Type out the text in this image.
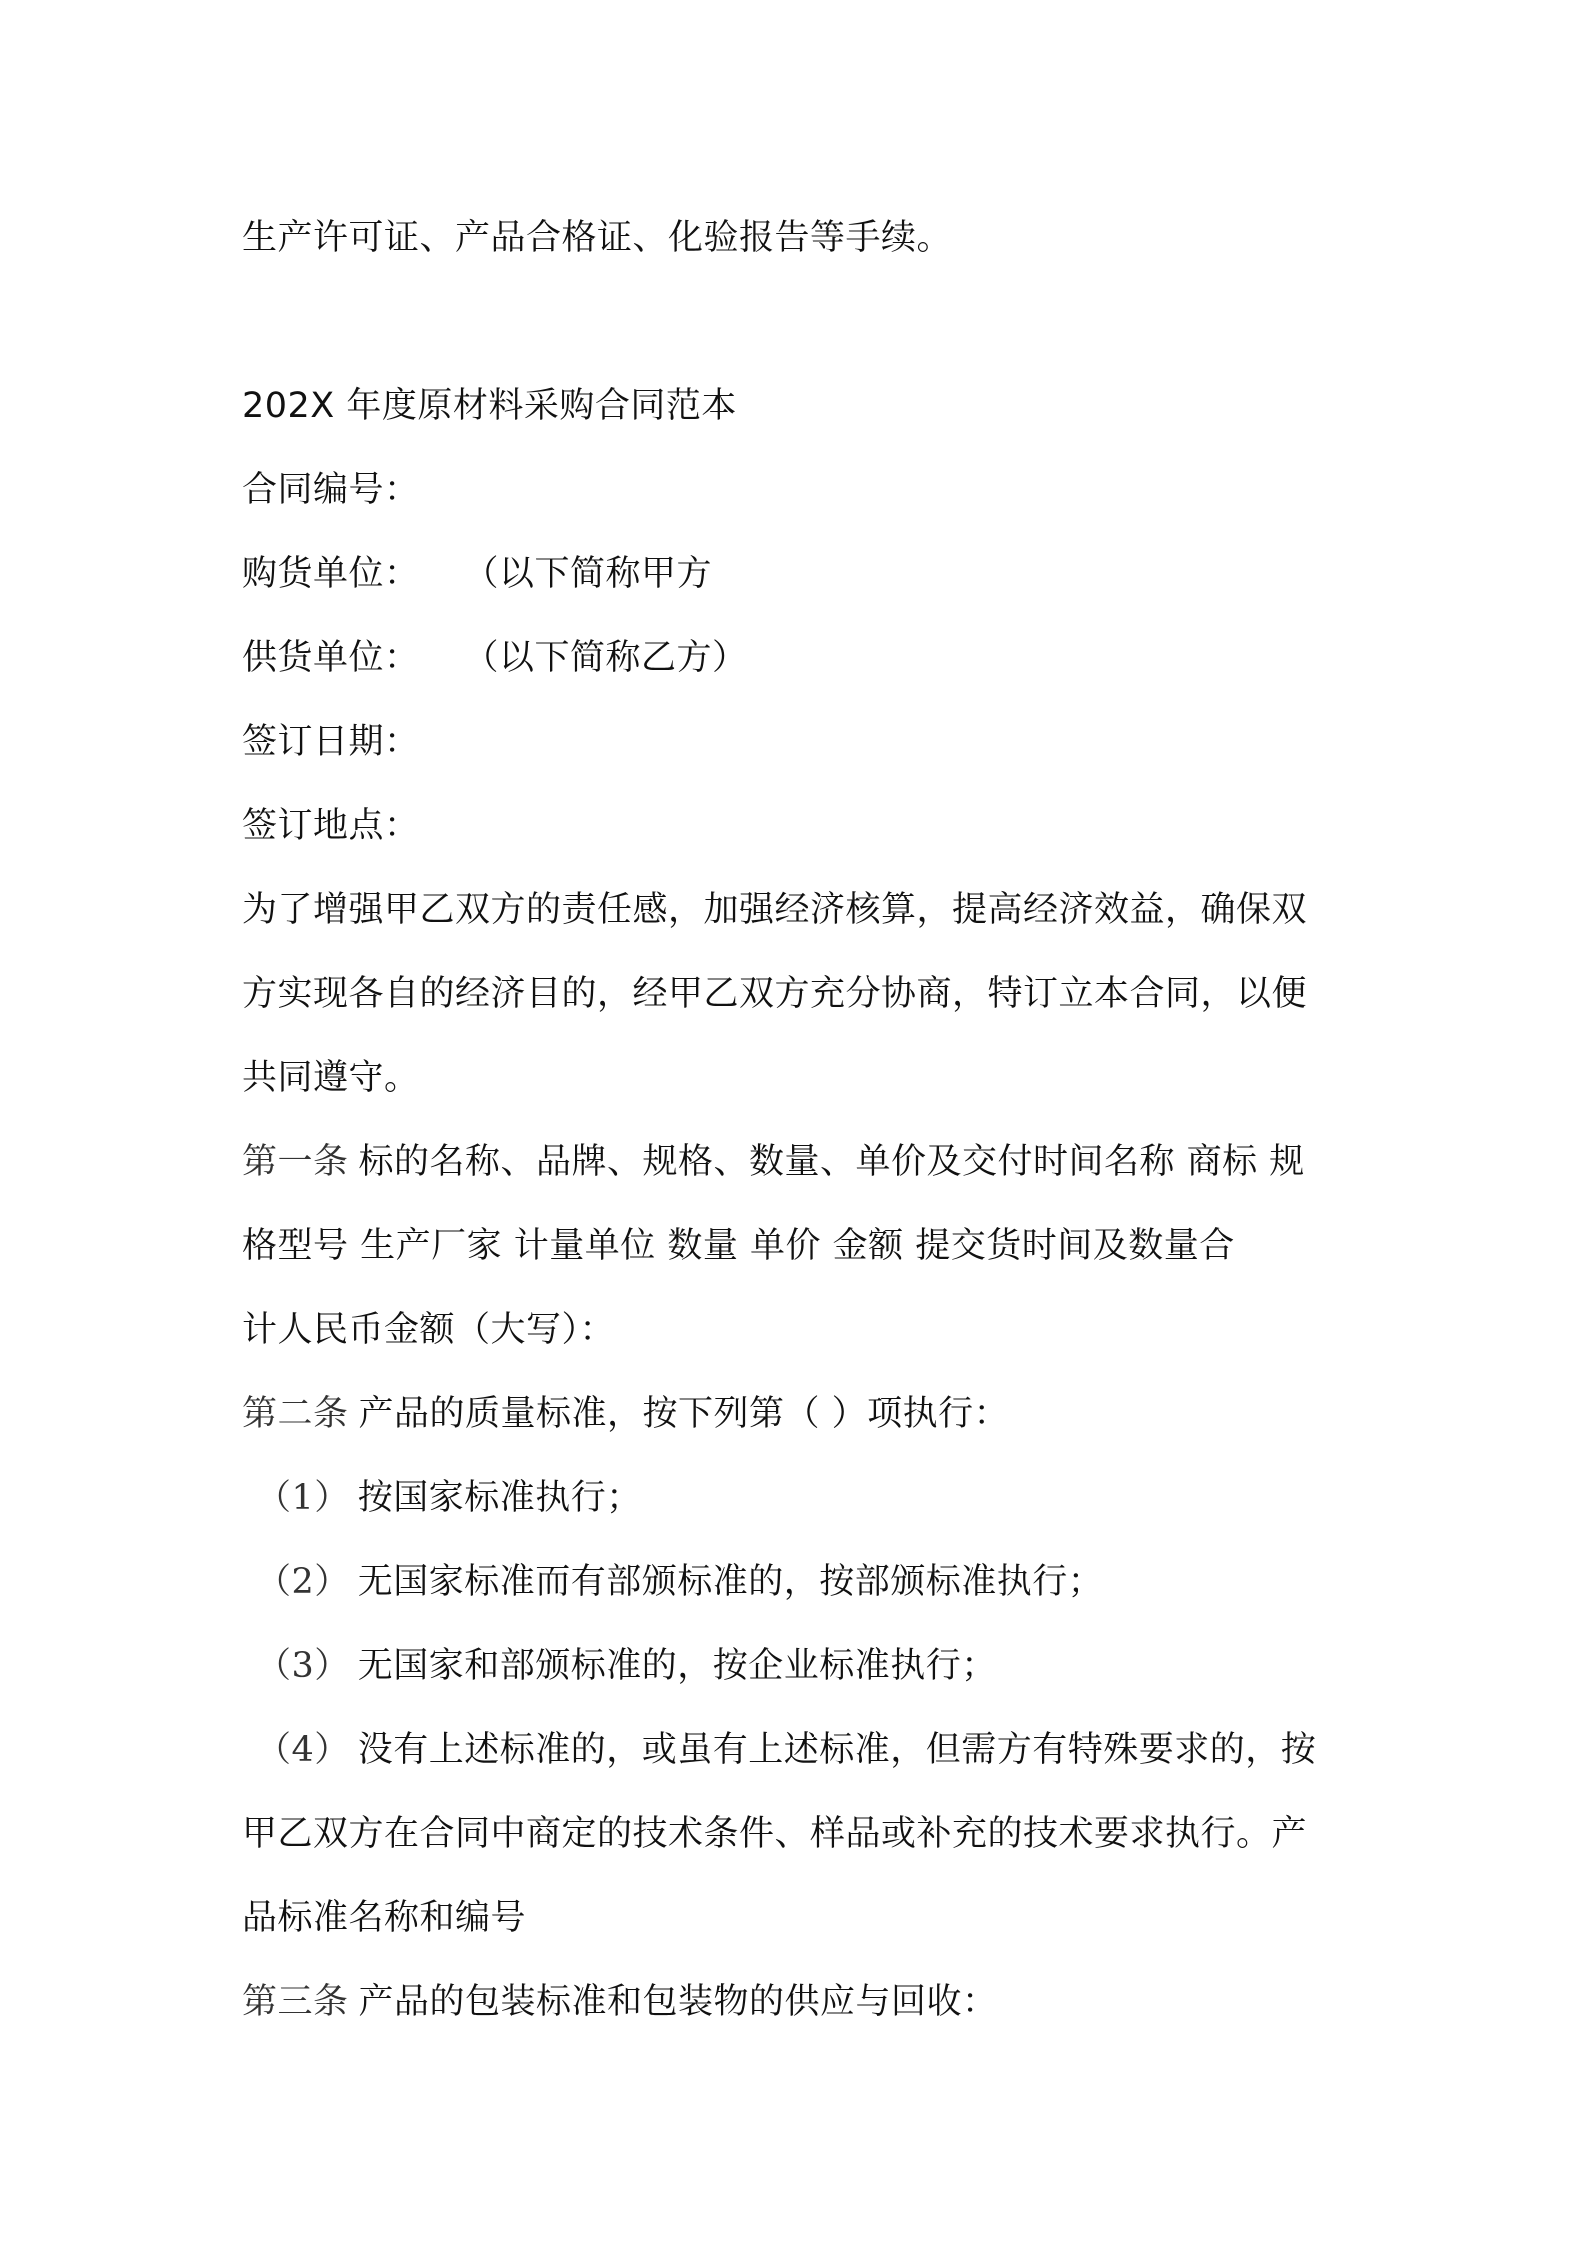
生产许可证、产品合格证、化验报告等手续。
202X 年度原材料采购合同范本
合同编号：
购货单位： （以下简称甲方
供货单位： （以下简称乙方）
签订日期：
签订地点：
为了增强甲乙双方的责任感，加强经济核算，提高经济效益，确保双
方实现各自的经济目的，经甲乙双方充分协商，特订立本合同，以便
共同遵守。
第一条 标的名称、品牌、规格、数量、单价及交付时间名称 商标 规
格型号 生产厂家 计量单位 数量 单价 金额 提交货时间及数量合
计人民币金额（大写）：
第二条 产品的质量标准，按下列第（ ）项执行：
（1） 按国家标准执行；
（2） 无国家标准而有部颁标准的，按部颁标准执行；
（3） 无国家和部颁标准的，按企业标准执行；
（4） 没有上述标准的，或虽有上述标准，但需方有特殊要求的，按
甲乙双方在合同中商定的技术条件、样品或补充的技术要求执行。产
品标准名称和编号
第三条 产品的包装标准和包装物的供应与回收：
